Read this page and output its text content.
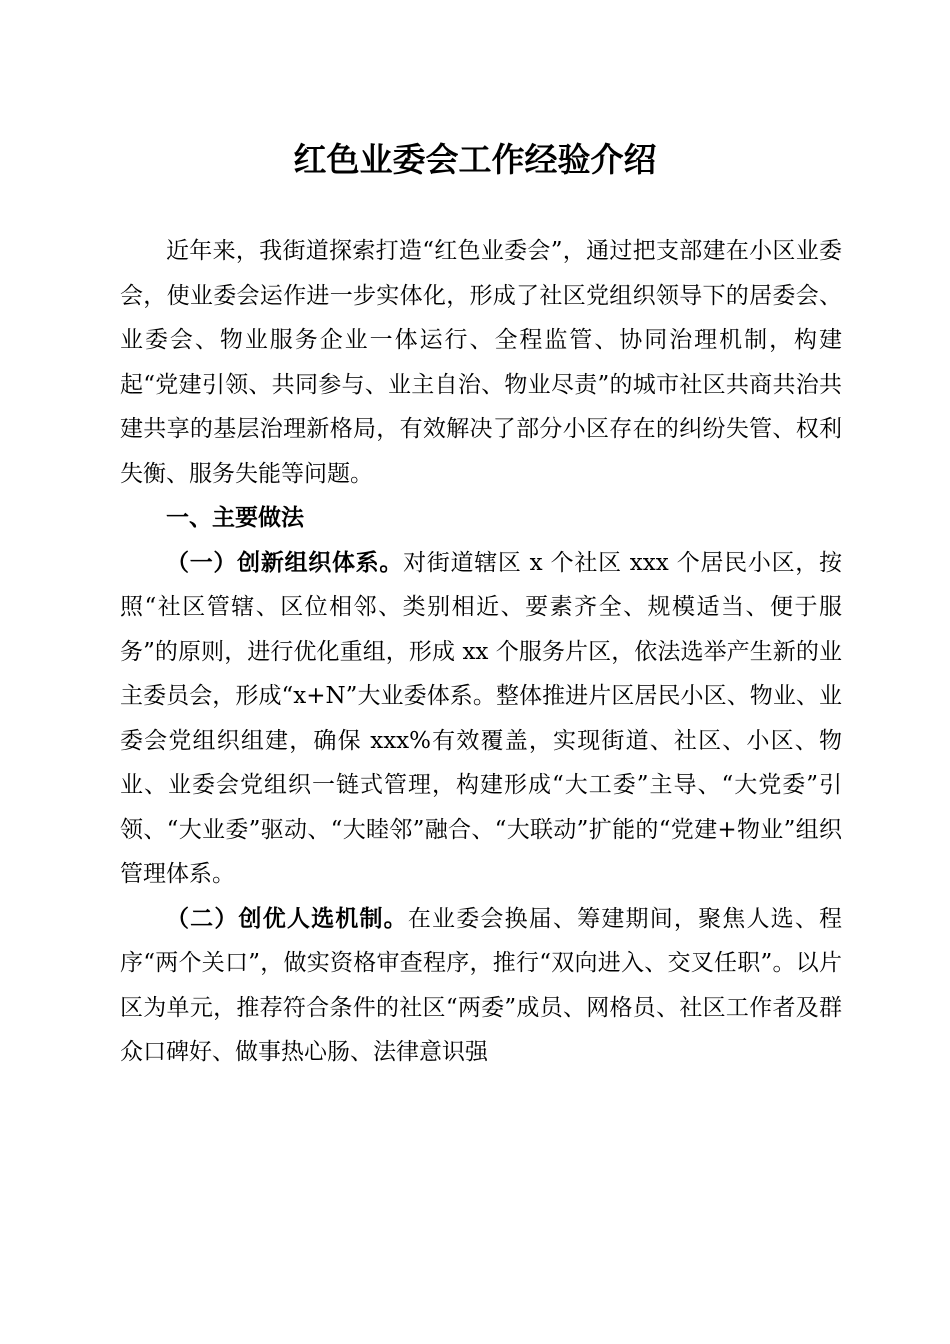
红色业委会工作经验介绍

近年来，我街道探索打造“红色业委会”，通过把支部建在小区业委会，使业委会运作进一步实体化，形成了社区党组织领导下的居委会、业委会、物业服务企业一体运行、全程监管、协同治理机制，构建起“党建引领、共同参与、业主自治、物业尽责”的城市社区共商共治共建共享的基层治理新格局，有效解决了部分小区存在的纠纷失管、权利失衡、服务失能等问题。

一、主要做法

（一）创新组织体系。对街道辖区 x 个社区 xxx 个居民小区，按照“社区管辖、区位相邻、类别相近、要素齐全、规模适当、便于服务”的原则，进行优化重组，形成 xx 个服务片区，依法选举产生新的业主委员会，形成“x+N”大业委体系。整体推进片区居民小区、物业、业委会党组织组建，确保 xxx%有效覆盖，实现街道、社区、小区、物业、业委会党组织一链式管理，构建形成“大工委”主导、“大党委”引领、“大业委”驱动、“大睦邻”融合、“大联动”扩能的“党建+物业”组织管理体系。

（二）创优人选机制。在业委会换届、筹建期间，聚焦人选、程序“两个关口”，做实资格审查程序，推行“双向进入、交叉任职”。以片区为单元，推荐符合条件的社区“两委”成员、网格员、社区工作者及群众口碑好、做事热心肠、法律意识强
